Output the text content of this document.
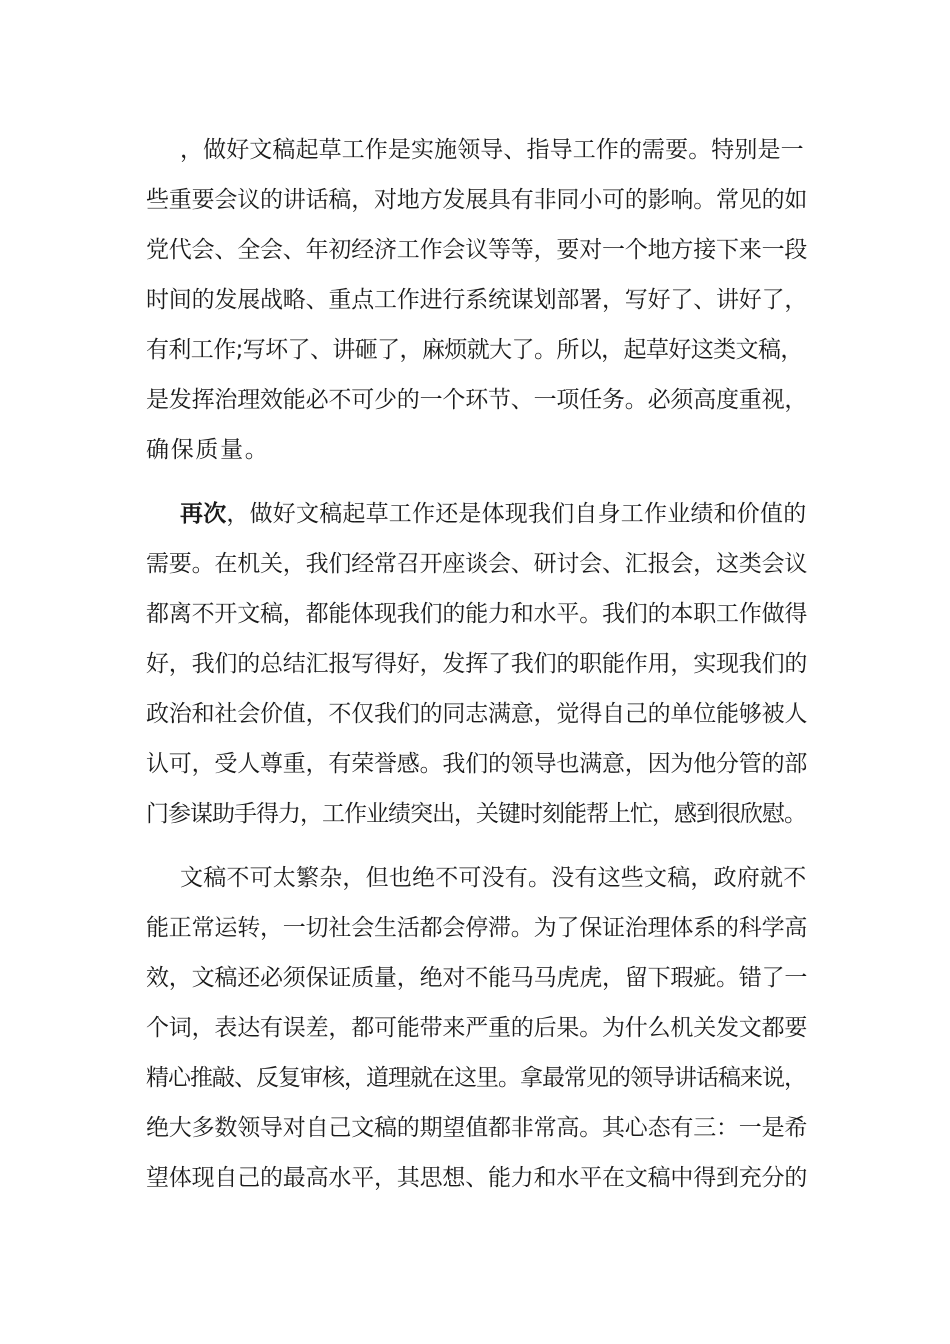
，做好文稿起草工作是实施领导、指导工作的需要。特别是一
些重要会议的讲话稿，对地方发展具有非同小可的影响。常见的如
党代会、全会、年初经济工作会议等等，要对一个地方接下来一段
时间的发展战略、重点工作进行系统谋划部署，写好了、讲好了，
有利工作;写坏了、讲砸了，麻烦就大了。所以，起草好这类文稿，
是发挥治理效能必不可少的一个环节、一项任务。必须高度重视，
确保质量。
再次，做好文稿起草工作还是体现我们自身工作业绩和价值的
需要。在机关，我们经常召开座谈会、研讨会、汇报会，这类会议
都离不开文稿，都能体现我们的能力和水平。我们的本职工作做得
好，我们的总结汇报写得好，发挥了我们的职能作用，实现我们的
政治和社会价值，不仅我们的同志满意，觉得自己的单位能够被人
认可，受人尊重，有荣誉感。我们的领导也满意，因为他分管的部
门参谋助手得力，工作业绩突出，关键时刻能帮上忙，感到很欣慰。
文稿不可太繁杂，但也绝不可没有。没有这些文稿，政府就不
能正常运转，一切社会生活都会停滞。为了保证治理体系的科学高
效，文稿还必须保证质量，绝对不能马马虎虎，留下瑕疵。错了一
个词，表达有误差，都可能带来严重的后果。为什么机关发文都要
精心推敲、反复审核，道理就在这里。拿最常见的领导讲话稿来说，
绝大多数领导对自己文稿的期望值都非常高。其心态有三：一是希
望体现自己的最高水平，其思想、能力和水平在文稿中得到充分的
